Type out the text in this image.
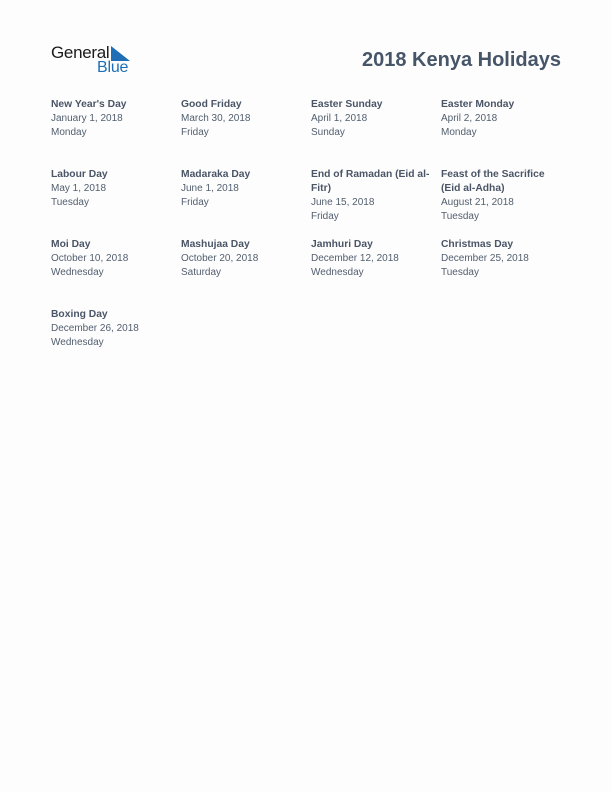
General
Blue	2018 Kenya Holidays
New Year's Day
January 1, 2018
Monday
Good Friday
March 30, 2018
Friday
Easter Sunday
April 1, 2018
Sunday
Easter Monday
April 2, 2018
Monday
Labour Day
May 1, 2018
Tuesday
Madaraka Day
June 1, 2018
Friday
End of Ramadan (Eid al-Fitr)
June 15, 2018
Friday
Feast of the Sacrifice (Eid al-Adha)
August 21, 2018
Tuesday
Moi Day
October 10, 2018
Wednesday
Mashujaa Day
October 20, 2018
Saturday
Jamhuri Day
December 12, 2018
Wednesday
Christmas Day
December 25, 2018
Tuesday
Boxing Day
December 26, 2018
Wednesday
